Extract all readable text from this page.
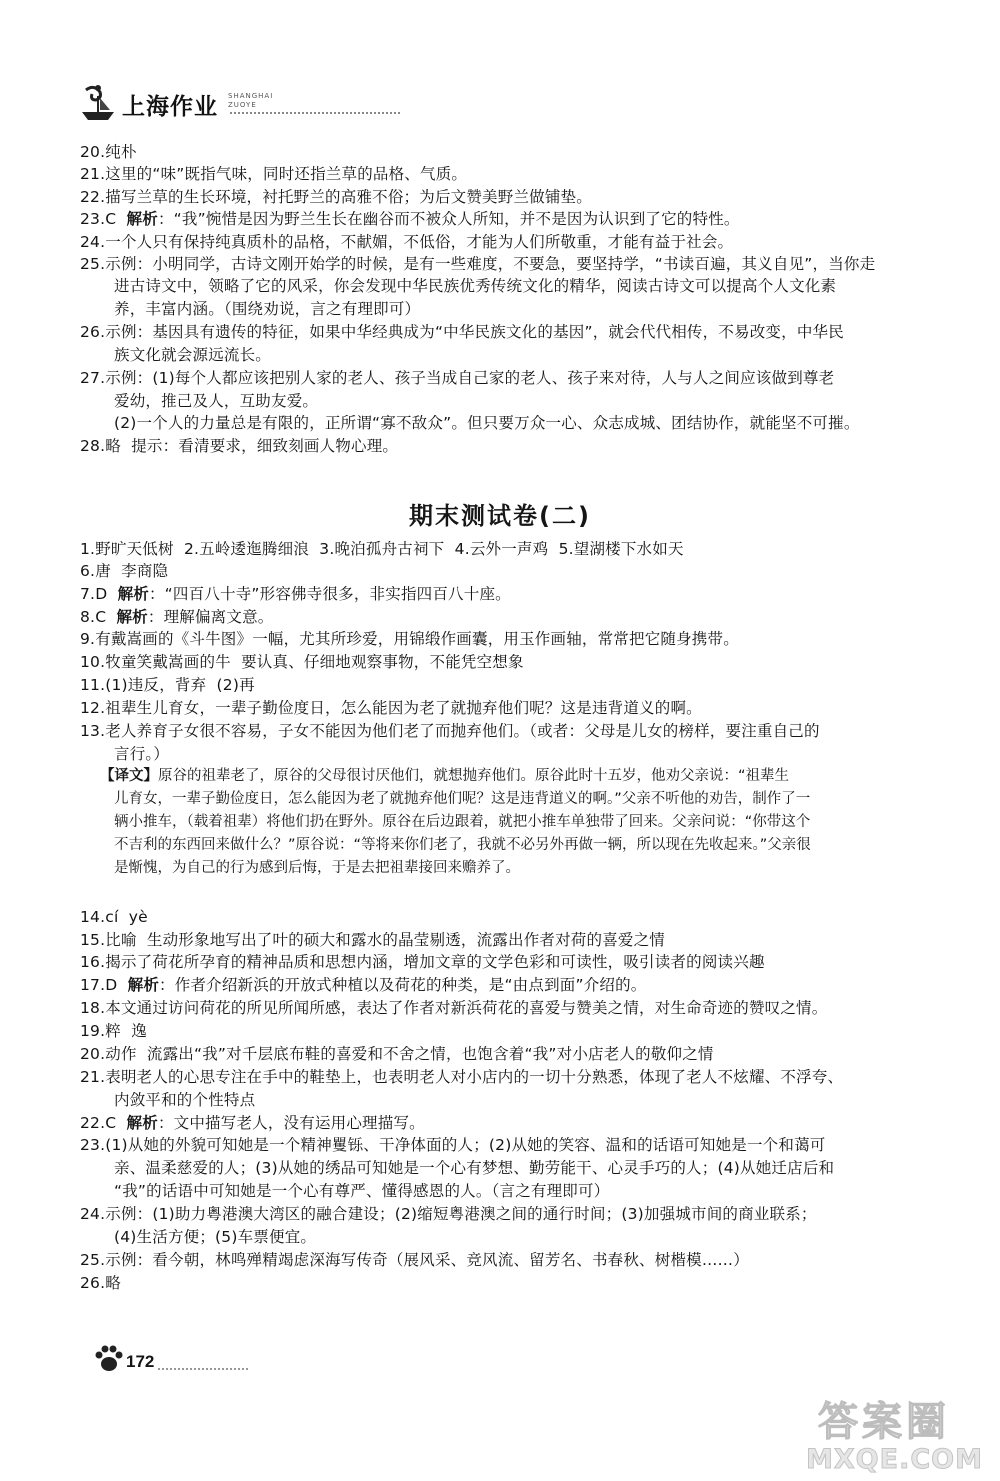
上海作业 SHANGHAI
ZUOYE

20.纯朴

21.这里的“味”既指气味，同时还指兰草的品格、气质。

22.描写兰草的生长环境，衬托野兰的高雅不俗；为后文赞美野兰做铺垫。

23.C  解析：“我”惋惜是因为野兰生长在幽谷而不被众人所知，并不是因为认识到了它的特性。

24.一个人只有保持纯真质朴的品格，不献媚，不低俗，才能为人们所敬重，才能有益于社会。

25.示例：小明同学，古诗文刚开始学的时候，是有一些难度，不要急，要坚持学，“书读百遍，其义自见”，当你走

进古诗文中，领略了它的风采，你会发现中华民族优秀传统文化的精华，阅读古诗文可以提高个人文化素

养，丰富内涵。（围绕劝说，言之有理即可）

26.示例：基因具有遗传的特征，如果中华经典成为“中华民族文化的基因”，就会代代相传，不易改变，中华民

族文化就会源远流长。

27.示例：(1)每个人都应该把别人家的老人、孩子当成自己家的老人、孩子来对待，人与人之间应该做到尊老

爱幼，推己及人，互助友爱。

(2)一个人的力量总是有限的，正所谓“寡不敌众”。但只要万众一心、众志成城、团结协作，就能坚不可摧。

28.略  提示：看清要求，细致刻画人物心理。

1.野旷天低树  2.五岭逶迤腾细浪  3.晚泊孤舟古祠下  4.云外一声鸡  5.望湖楼下水如天

6.唐  李商隐

7.D  解析：“四百八十寺”形容佛寺很多，非实指四百八十座。

8.C  解析：理解偏离文意。

9.有戴嵩画的《斗牛图》一幅，尤其所珍爱，用锦缎作画囊，用玉作画轴，常常把它随身携带。

10.牧童笑戴嵩画的牛  要认真、仔细地观察事物，不能凭空想象

11.(1)违反，背弃  (2)再

12.祖辈生儿育女，一辈子勤俭度日，怎么能因为老了就抛弃他们呢？这是违背道义的啊。

13.老人养育子女很不容易，子女不能因为他们老了而抛弃他们。（或者：父母是儿女的榜样，要注重自己的

言行。）

14.cí  yè

15.比喻  生动形象地写出了叶的硕大和露水的晶莹剔透，流露出作者对荷的喜爱之情

16.揭示了荷花所孕育的精神品质和思想内涵，增加文章的文学色彩和可读性，吸引读者的阅读兴趣

17.D  解析：作者介绍新浜的开放式种植以及荷花的种类，是“由点到面”介绍的。

18.本文通过访问荷花的所见所闻所感，表达了作者对新浜荷花的喜爱与赞美之情，对生命奇迹的赞叹之情。

19.粹  逸

20.动作  流露出“我”对千层底布鞋的喜爱和不舍之情，也饱含着“我”对小店老人的敬仰之情

21.表明老人的心思专注在手中的鞋垫上，也表明老人对小店内的一切十分熟悉，体现了老人不炫耀、不浮夸、

内敛平和的个性特点

22.C  解析：文中描写老人，没有运用心理描写。

23.(1)从她的外貌可知她是一个精神矍铄、干净体面的人；(2)从她的笑容、温和的话语可知她是一个和蔼可

亲、温柔慈爱的人；(3)从她的绣品可知她是一个心有梦想、勤劳能干、心灵手巧的人；(4)从她迁店后和

“我”的话语中可知她是一个心有尊严、懂得感恩的人。（言之有理即可）

24.示例：(1)助力粤港澳大湾区的融合建设；(2)缩短粤港澳之间的通行时间；(3)加强城市间的商业联系；

(4)生活方便；(5)车票便宜。

25.示例：看今朝，林鸣殚精竭虑深海写传奇（展风采、竞风流、留芳名、书春秋、树楷模……）

26.略

期末测试卷(二)

【译文】原谷的祖辈老了，原谷的父母很讨厌他们，就想抛弃他们。原谷此时十五岁，他劝父亲说：“祖辈生

儿育女，一辈子勤俭度日，怎么能因为老了就抛弃他们呢？这是违背道义的啊。”父亲不听他的劝告，制作了一

辆小推车，（载着祖辈）将他们扔在野外。原谷在后边跟着，就把小推车单独带了回来。父亲问说：“你带这个

不吉利的东西回来做什么？”原谷说：“等将来你们老了，我就不必另外再做一辆，所以现在先收起来。”父亲很

是惭愧，为自己的行为感到后悔，于是去把祖辈接回来赡养了。

172
答案圈
MXQE.COM
